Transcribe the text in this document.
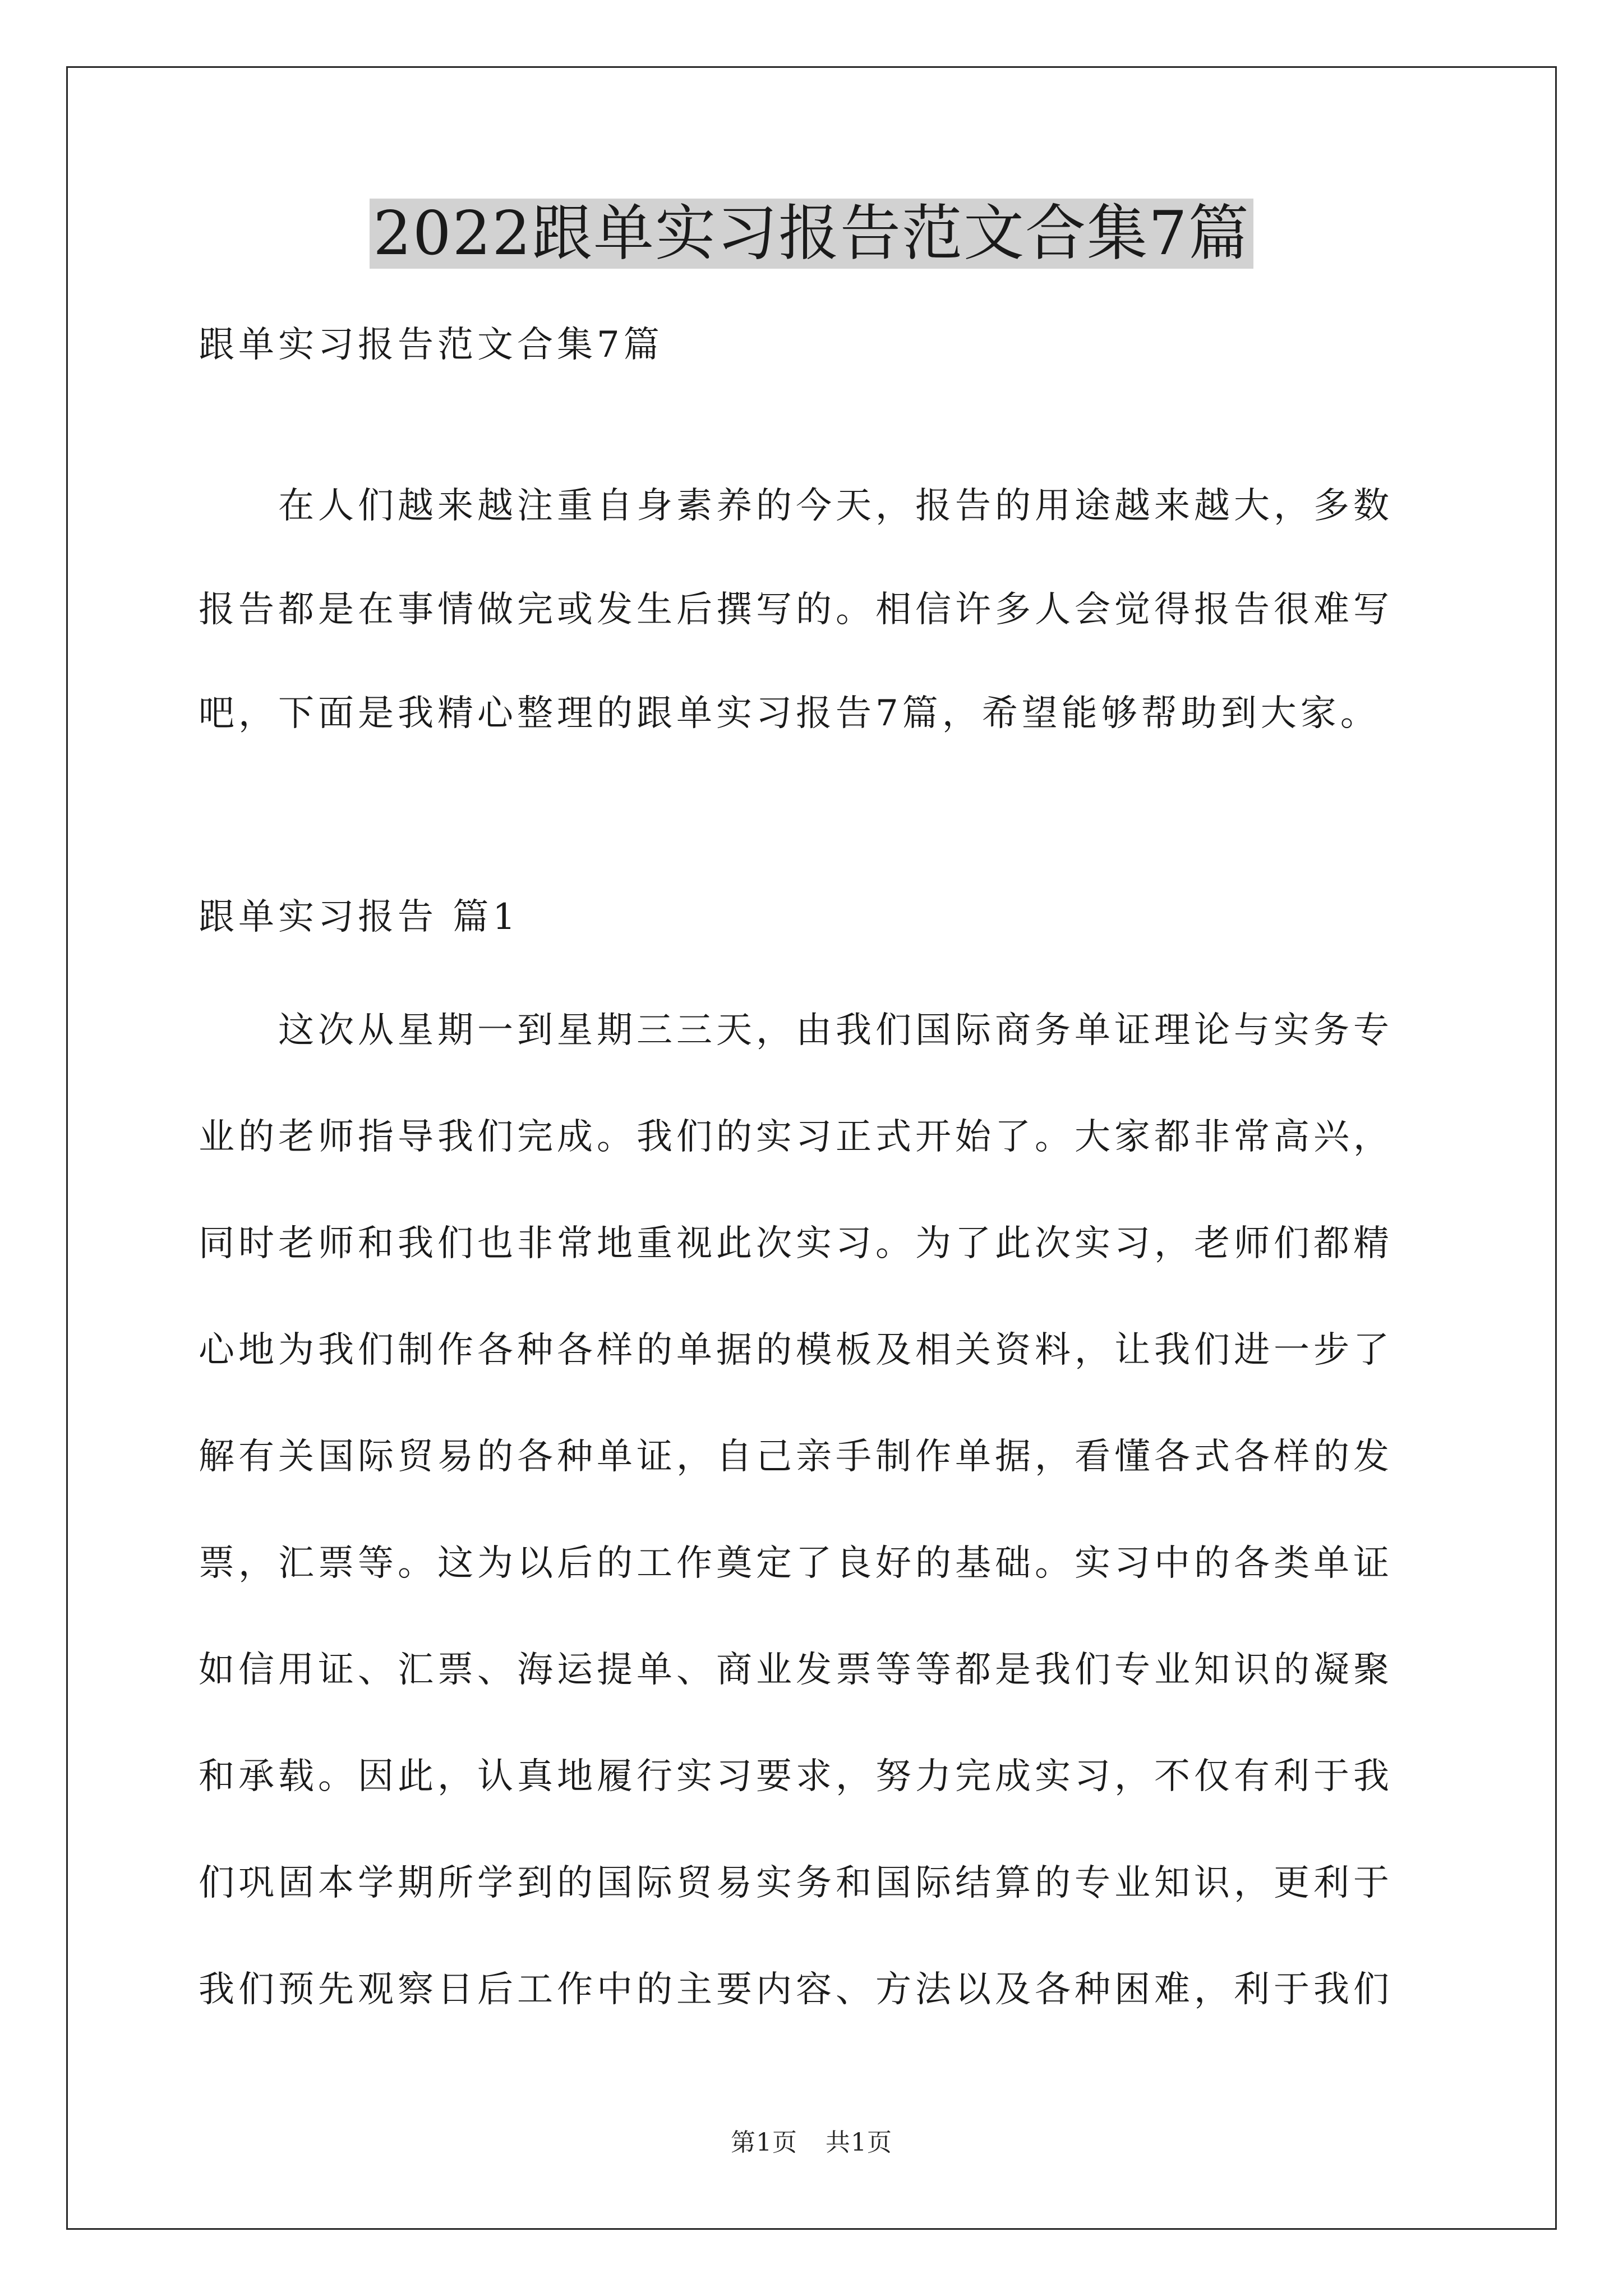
2022跟单实习报告范文合集7篇
跟单实习报告范文合集7篇
在人们越来越注重自身素养的今天，报告的用途越来越大，多数
报告都是在事情做完或发生后撰写的。相信许多人会觉得报告很难写
吧，下面是我精心整理的跟单实习报告7篇，希望能够帮助到大家。
跟单实习报告 篇1
这次从星期一到星期三三天，由我们国际商务单证理论与实务专
业的老师指导我们完成。我们的实习正式开始了。大家都非常高兴，
同时老师和我们也非常地重视此次实习。为了此次实习，老师们都精
心地为我们制作各种各样的单据的模板及相关资料，让我们进一步了
解有关国际贸易的各种单证，自己亲手制作单据，看懂各式各样的发
票，汇票等。这为以后的工作奠定了良好的基础。实习中的各类单证
如信用证、汇票、海运提单、商业发票等等都是我们专业知识的凝聚
和承载。因此，认真地履行实习要求，努力完成实习，不仅有利于我
们巩固本学期所学到的国际贸易实务和国际结算的专业知识，更利于
我们预先观察日后工作中的主要内容、方法以及各种困难，利于我们
第1页 共1页
